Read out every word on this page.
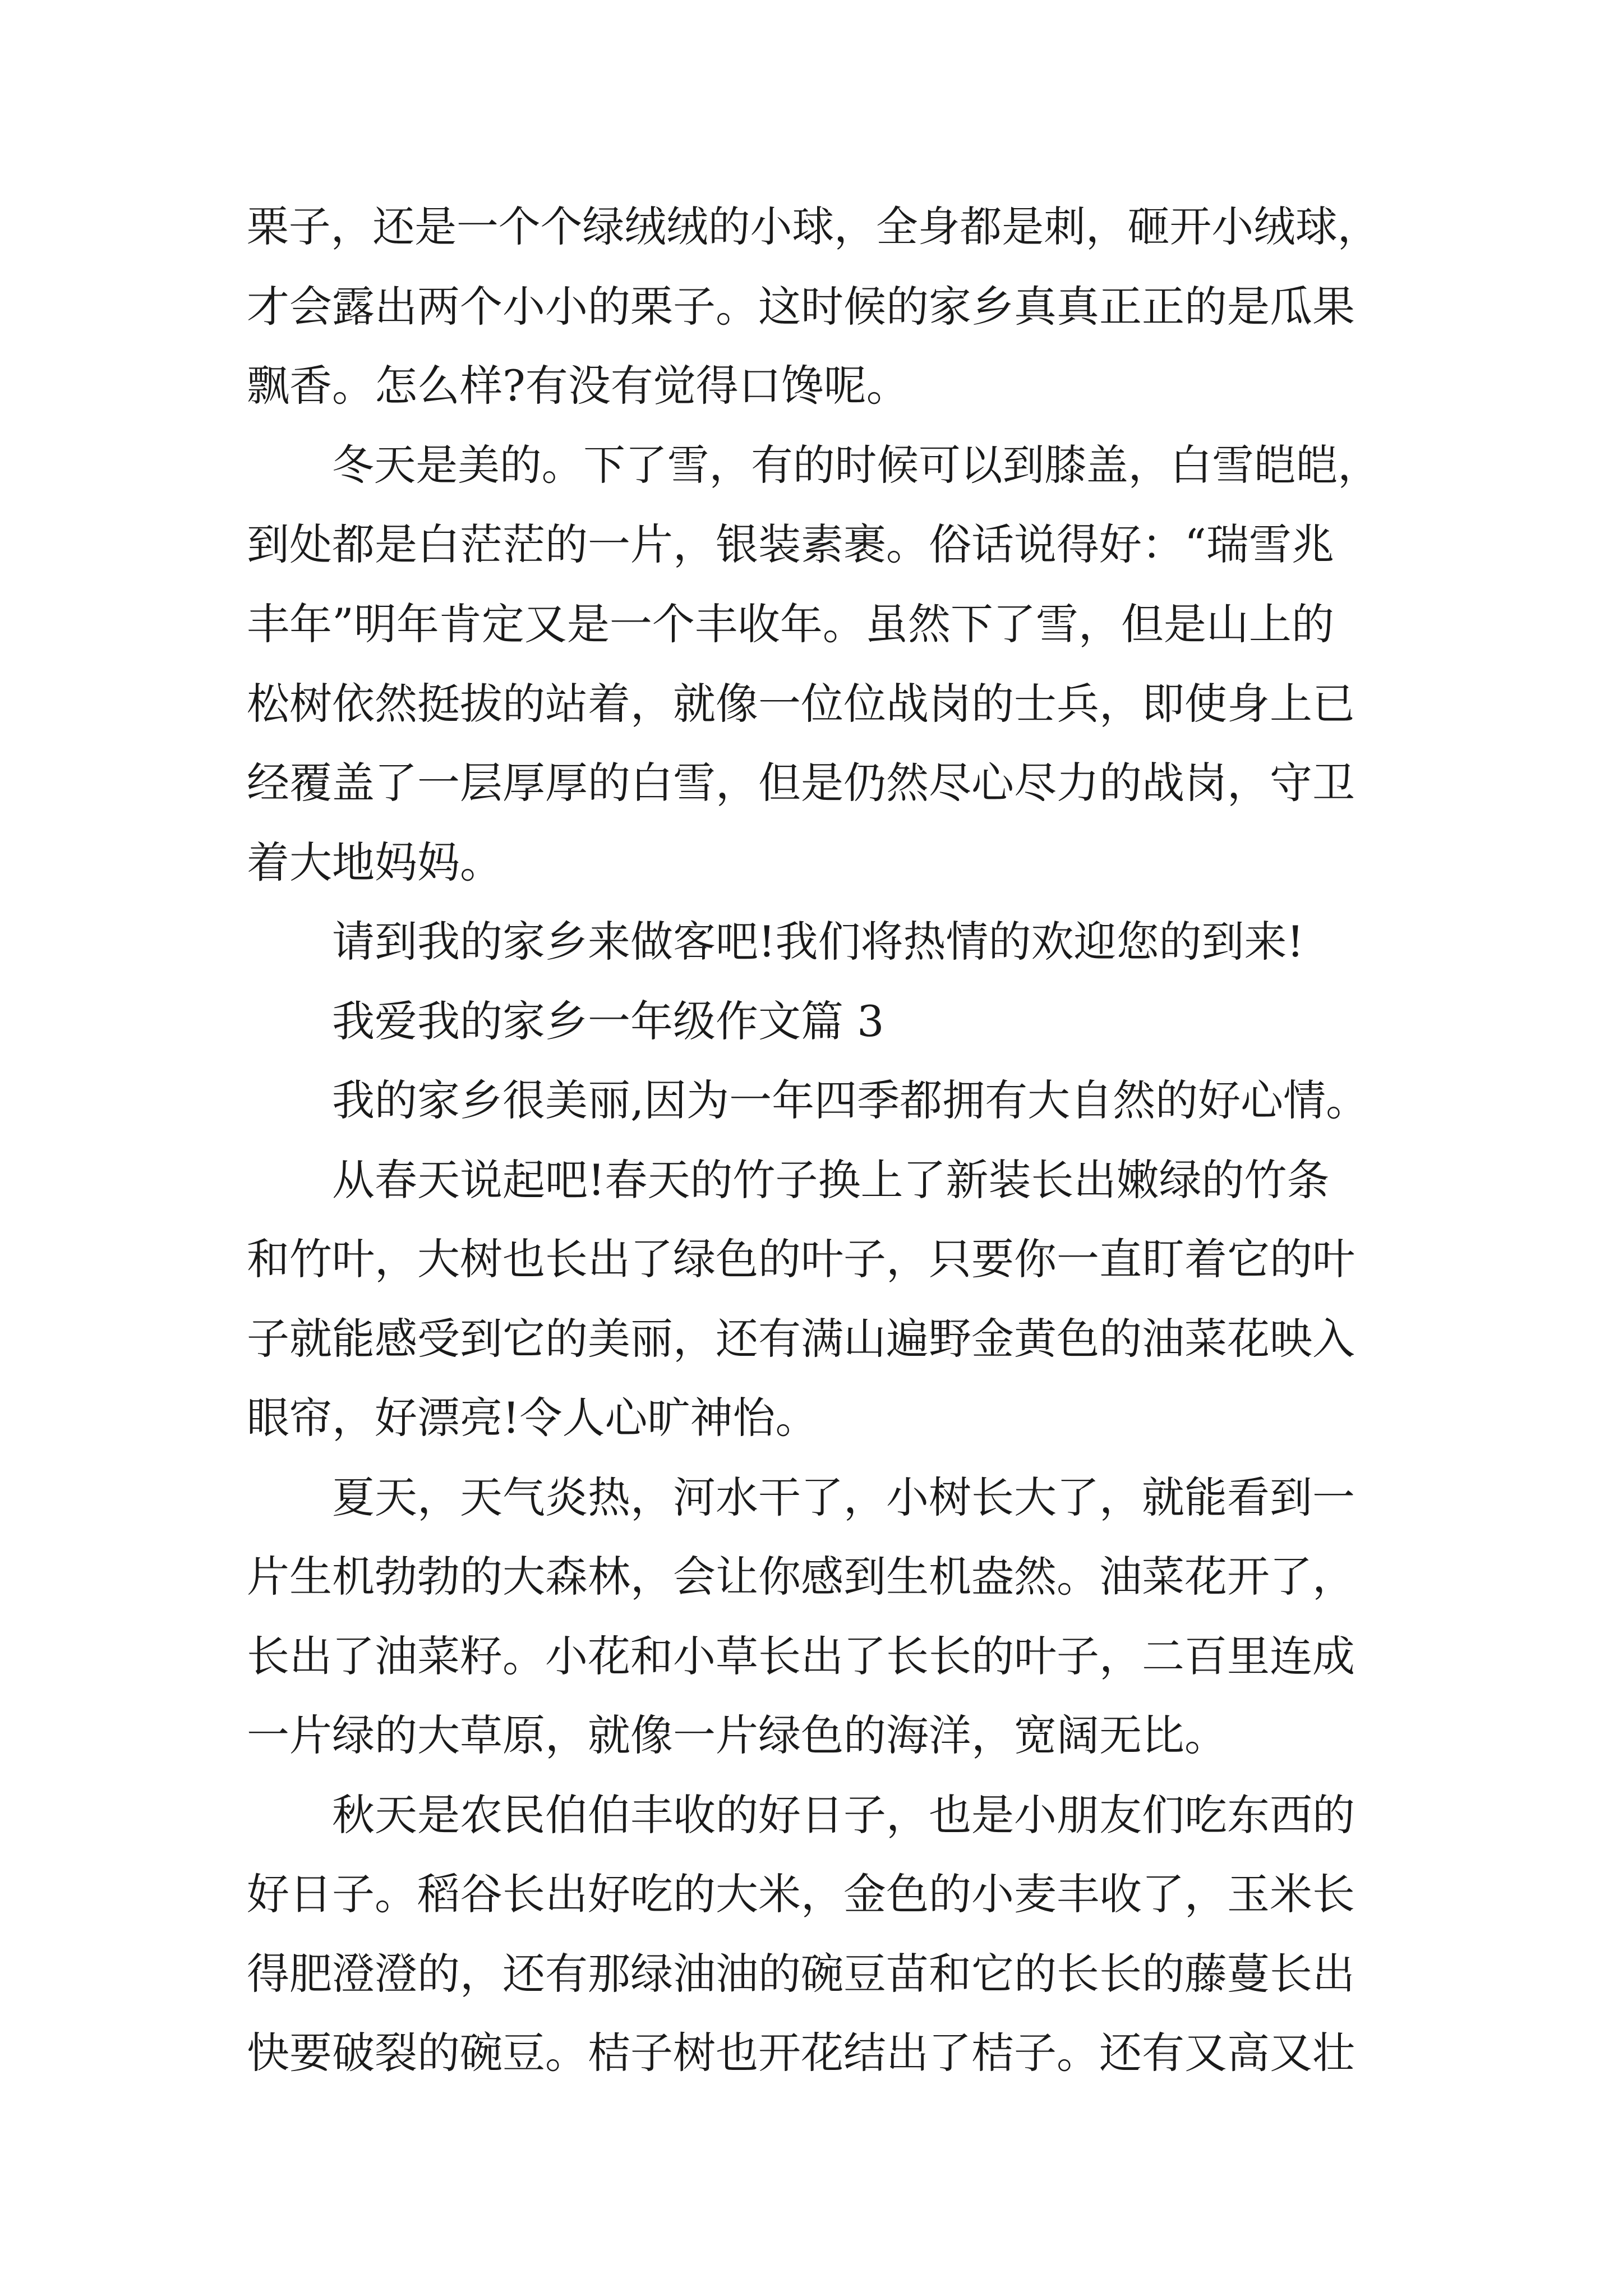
栗子，还是一个个绿绒绒的小球，全身都是刺，砸开小绒球，

才会露出两个小小的栗子。这时候的家乡真真正正的是瓜果

飘香。怎么样?有没有觉得口馋呢。

冬天是美的。下了雪，有的时候可以到膝盖，白雪皑皑，

到处都是白茫茫的一片，银装素裹。俗话说得好：“瑞雪兆

丰年”明年肯定又是一个丰收年。虽然下了雪，但是山上的

松树依然挺拔的站着，就像一位位战岗的士兵，即使身上已

经覆盖了一层厚厚的白雪，但是仍然尽心尽力的战岗，守卫

着大地妈妈。

请到我的家乡来做客吧!我们将热情的欢迎您的到来!

我爱我的家乡一年级作文篇 3

我的家乡很美丽,因为一年四季都拥有大自然的好心情。

从春天说起吧!春天的竹子换上了新装长出嫩绿的竹条

和竹叶，大树也长出了绿色的叶子，只要你一直盯着它的叶

子就能感受到它的美丽，还有满山遍野金黄色的油菜花映入

眼帘，好漂亮!令人心旷神怡。

夏天，天气炎热，河水干了，小树长大了，就能看到一

片生机勃勃的大森林，会让你感到生机盎然。油菜花开了，

长出了油菜籽。小花和小草长出了长长的叶子，二百里连成

一片绿的大草原，就像一片绿色的海洋，宽阔无比。

秋天是农民伯伯丰收的好日子，也是小朋友们吃东西的

好日子。稻谷长出好吃的大米，金色的小麦丰收了，玉米长

得肥澄澄的，还有那绿油油的碗豆苗和它的长长的藤蔓长出

快要破裂的碗豆。桔子树也开花结出了桔子。还有又高又壮
